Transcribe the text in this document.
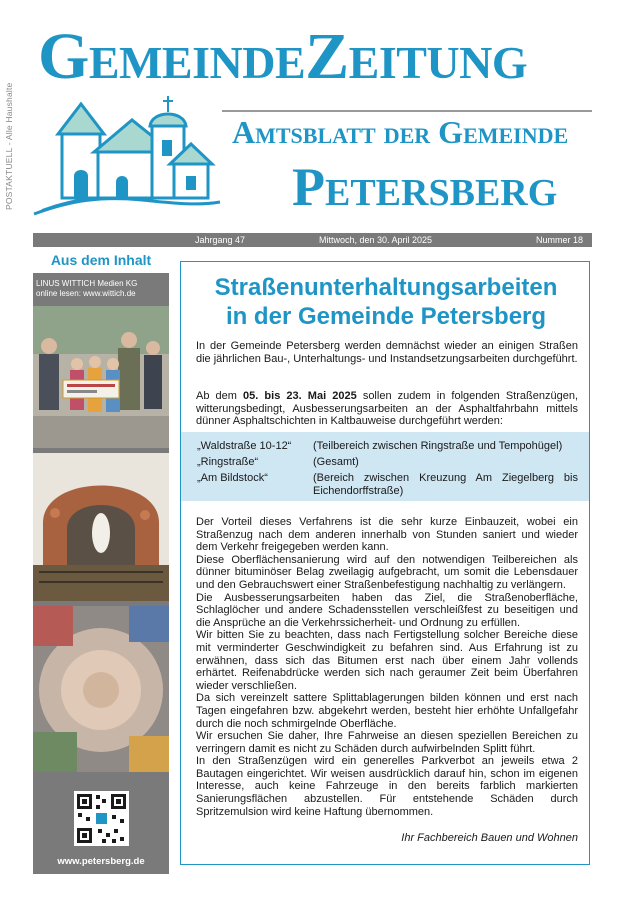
POSTAKTUELL - Alle Haushalte
GemeindeZeitung
Amtsblatt der Gemeinde
Petersberg
Jahrgang 47	Mittwoch, den 30. April 2025	Nummer 18
Aus dem Inhalt
LINUS WITTICH Medien KG
online lesen: www.wittich.de
www.petersberg.de
Straßenunterhaltungsarbeiten
in der Gemeinde Petersberg

In der Gemeinde Petersberg werden demnächst wieder an einigen Straßen die jährlichen Bau-, Unterhaltungs- und Instandsetzungsarbeiten durchgeführt.

Ab dem 05. bis 23. Mai 2025 sollen zudem in folgenden Straßenzügen, witterungsbedingt, Ausbesserungsarbeiten an der Asphaltfahrbahn mittels dünner Asphaltschichten in Kaltbauweise durchgeführt werden:

„Waldstraße 10-12“ (Teilbereich zwischen Ringstraße und Tempohügel)
„Ringstraße“	(Gesamt)
„Am Bildstock“	(Bereich zwischen Kreuzung Am Ziegelberg bis Eichendorffstraße)

Der Vorteil dieses Verfahrens ist die sehr kurze Einbauzeit, wobei ein Straßenzug nach dem anderen innerhalb von Stunden saniert und wieder dem Verkehr freigegeben werden kann.
Diese Oberflächensanierung wird auf den notwendigen Teilbereichen als dünner bituminöser Belag zweilagig aufgebracht, um somit die Lebensdauer und den Gebrauchswert einer Straßenbefestigung nachhaltig zu verlängern.
Die Ausbesserungsarbeiten haben das Ziel, die Straßenoberfläche, Schlaglöcher und andere Schadensstellen verschleißfest zu beseitigen und die Ansprüche an die Verkehrssicherheit- und Ordnung zu erfüllen.
Wir bitten Sie zu beachten, dass nach Fertigstellung solcher Bereiche diese mit verminderter Geschwindigkeit zu befahren sind. Aus Erfahrung ist zu erwähnen, dass sich das Bitumen erst nach über einem Jahr vollends erhärtet. Reifenabdrücke werden sich nach geraumer Zeit beim Überfahren wieder verschließen.
Da sich vereinzelt sattere Splittablagerungen bilden können und erst nach Tagen eingefahren bzw. abgekehrt werden, besteht hier erhöhte Unfallgefahr durch die noch schmirgelnde Oberfläche.
Wir ersuchen Sie daher, Ihre Fahrweise an diesen speziellen Bereichen zu verringern damit es nicht zu Schäden durch aufwirbelnden Splitt führt.
In den Straßenzügen wird ein generelles Parkverbot an jeweils etwa 2 Bautagen eingerichtet. Wir weisen ausdrücklich darauf hin, schon im eigenen Interesse, auch keine Fahrzeuge in den bereits farblich markierten Sanierungsflächen abzustellen. Für entstehende Schäden durch Spritzemulsion wird keine Haftung übernommen.

Ihr Fachbereich Bauen und Wohnen
